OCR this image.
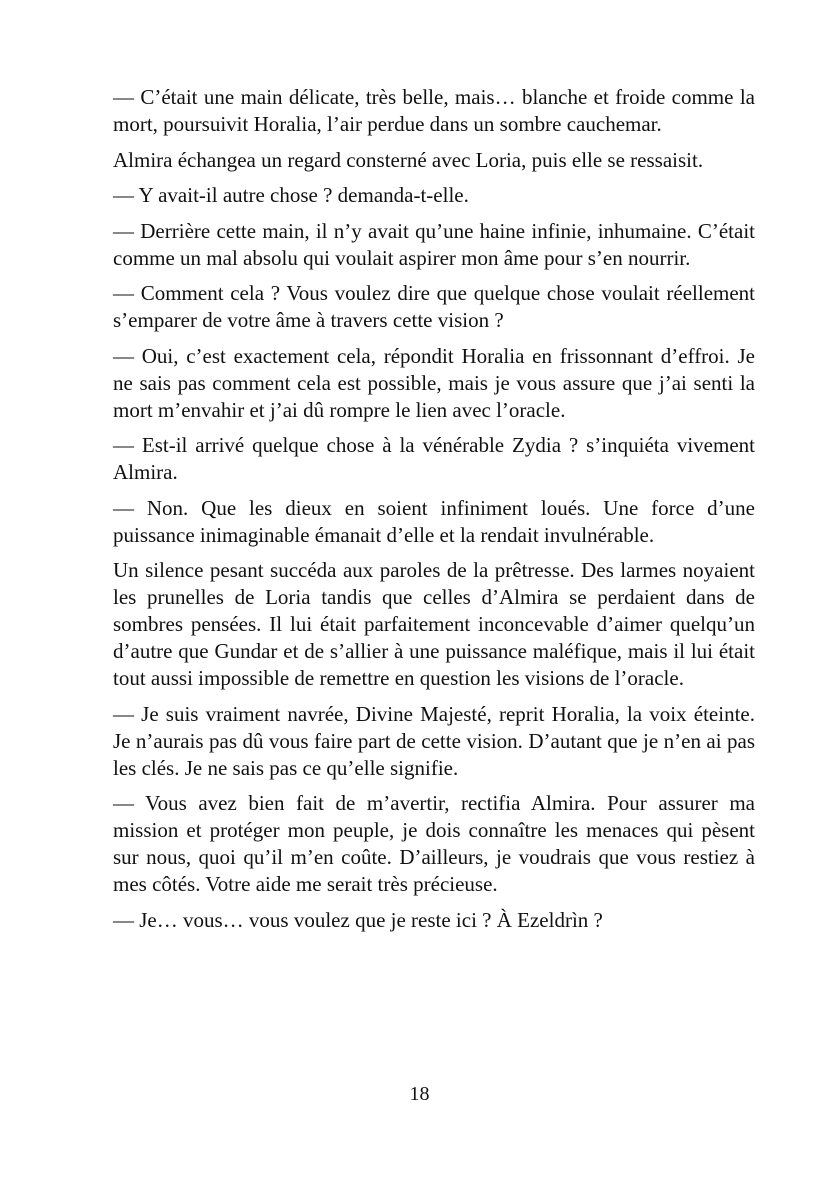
— C’était une main délicate, très belle, mais… blanche et froide comme la mort, poursuivit Horalia, l’air perdue dans un sombre cauchemar.

Almira échangea un regard consterné avec Loria, puis elle se ressaisit.

— Y avait-il autre chose ? demanda-t-elle.

— Derrière cette main, il n’y avait qu’une haine infinie, inhumaine. C’était comme un mal absolu qui voulait aspirer mon âme pour s’en nourrir.

— Comment cela ? Vous voulez dire que quelque chose voulait réellement s’emparer de votre âme à travers cette vision ?

— Oui, c’est exactement cela, répondit Horalia en frissonnant d’effroi. Je ne sais pas comment cela est possible, mais je vous assure que j’ai senti la mort m’envahir et j’ai dû rompre le lien avec l’oracle.

— Est-il arrivé quelque chose à la vénérable Zydia ? s’inquiéta vivement Almira.

— Non. Que les dieux en soient infiniment loués. Une force d’une puissance inimaginable émanait d’elle et la rendait invulnérable.

Un silence pesant succéda aux paroles de la prêtresse. Des larmes noyaient les prunelles de Loria tandis que celles d’Almira se perdaient dans de sombres pensées. Il lui était parfaitement inconcevable d’aimer quelqu’un d’autre que Gundar et de s’allier à une puissance maléfique, mais il lui était tout aussi impossible de remettre en question les visions de l’oracle.

— Je suis vraiment navrée, Divine Majesté, reprit Horalia, la voix éteinte. Je n’aurais pas dû vous faire part de cette vision. D’autant que je n’en ai pas les clés. Je ne sais pas ce qu’elle signifie.

— Vous avez bien fait de m’avertir, rectifia Almira. Pour assurer ma mission et protéger mon peuple, je dois connaître les menaces qui pèsent sur nous, quoi qu’il m’en coûte. D’ailleurs, je voudrais que vous restiez à mes côtés. Votre aide me serait très précieuse.

— Je… vous… vous voulez que je reste ici ? À Ezeldrìn ?

18
